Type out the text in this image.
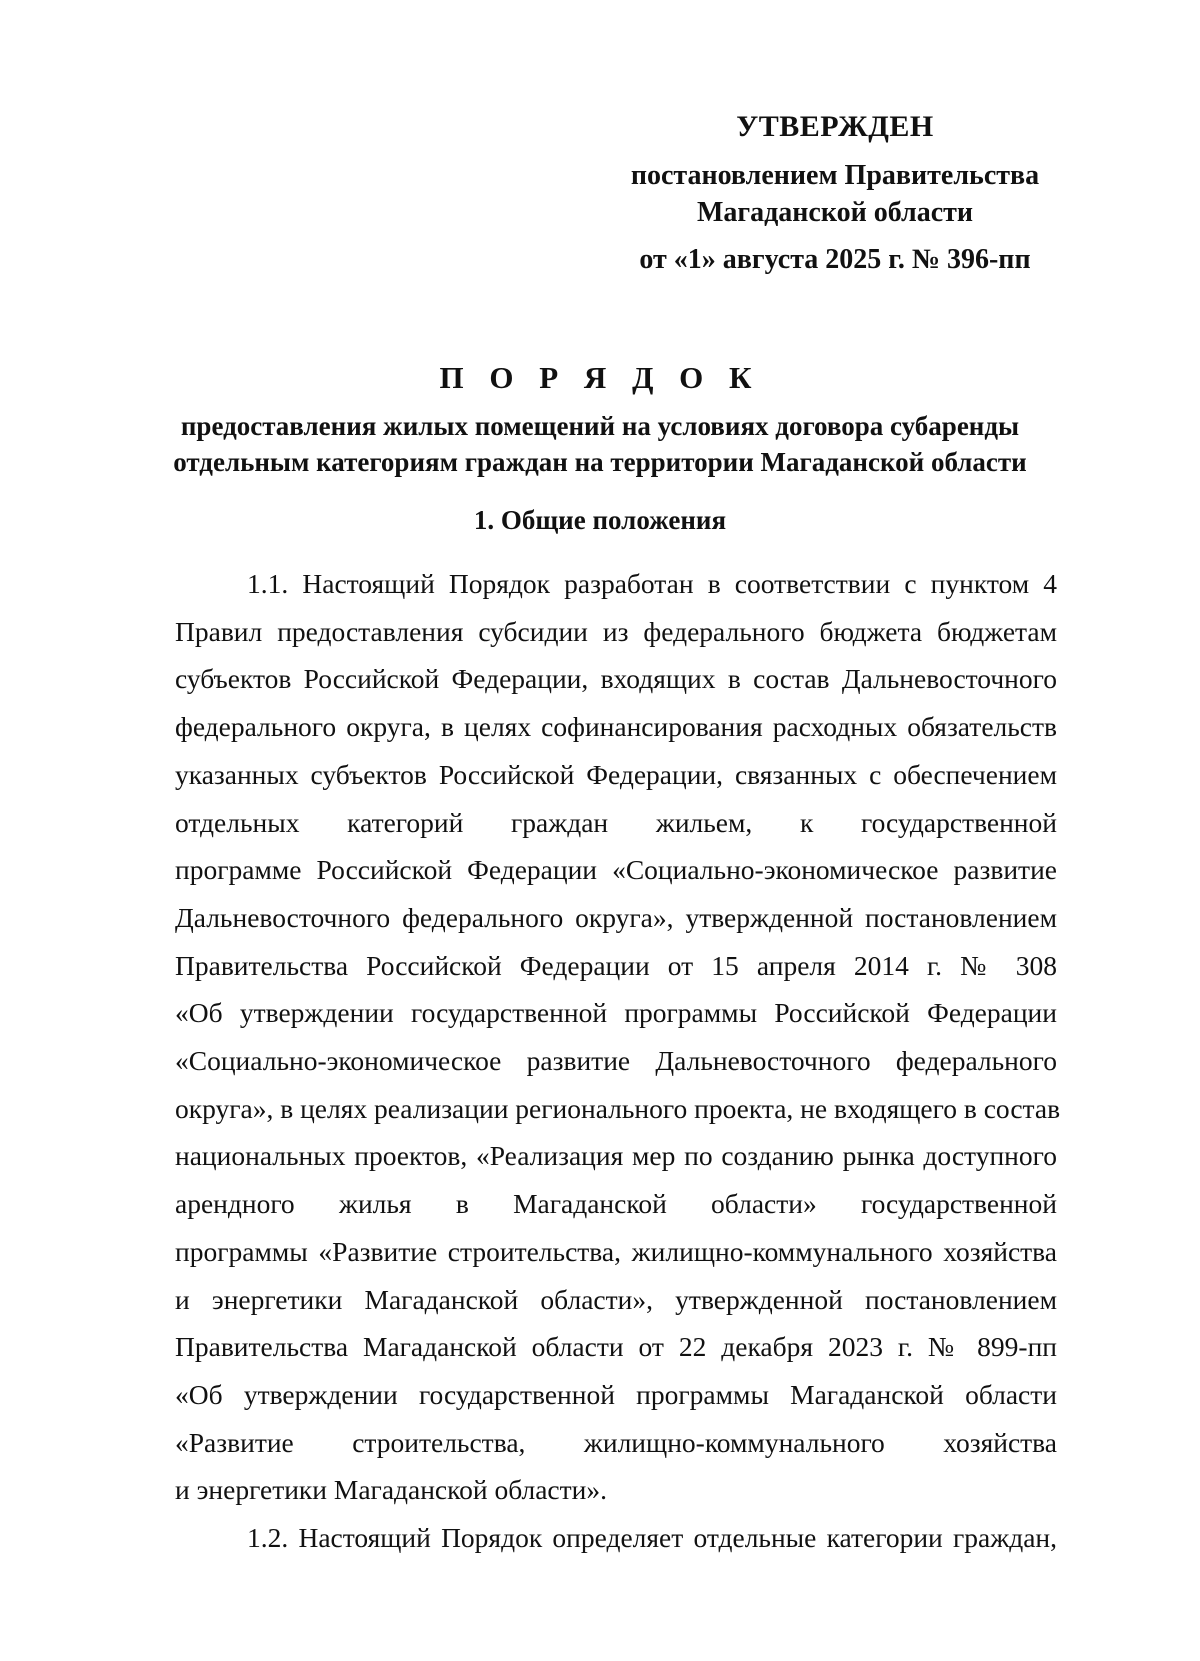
УТВЕРЖДЕН
постановлением Правительства
Магаданской области
от «1» августа 2025 г. № 396-пп
П О Р Я Д О К
предоставления жилых помещений на условиях договора субаренды
отдельным категориям граждан на территории Магаданской области
1. Общие положения
1.1. Настоящий Порядок разработан в соответствии с пунктом 4
Правил предоставления субсидии из федерального бюджета бюджетам
субъектов Российской Федерации, входящих в состав Дальневосточного
федерального округа, в целях софинансирования расходных обязательств
указанных субъектов Российской Федерации, связанных с обеспечением
отдельных категорий граждан жильем, к государственной
программе Российской Федерации «Социально-экономическое развитие
Дальневосточного федерального округа», утвержденной постановлением
Правительства Российской Федерации от 15 апреля 2014 г. № 308
«Об утверждении государственной программы Российской Федерации
«Социально-экономическое развитие Дальневосточного федерального
округа», в целях реализации регионального проекта, не входящего в состав
национальных проектов, «Реализация мер по созданию рынка доступного
арендного жилья в Магаданской области» государственной
программы «Развитие строительства, жилищно-коммунального хозяйства
и энергетики Магаданской области», утвержденной постановлением
Правительства Магаданской области от 22 декабря 2023 г. № 899-пп
«Об утверждении государственной программы Магаданской области
«Развитие строительства, жилищно-коммунального хозяйства
и энергетики Магаданской области».
1.2. Настоящий Порядок определяет отдельные категории граждан,
